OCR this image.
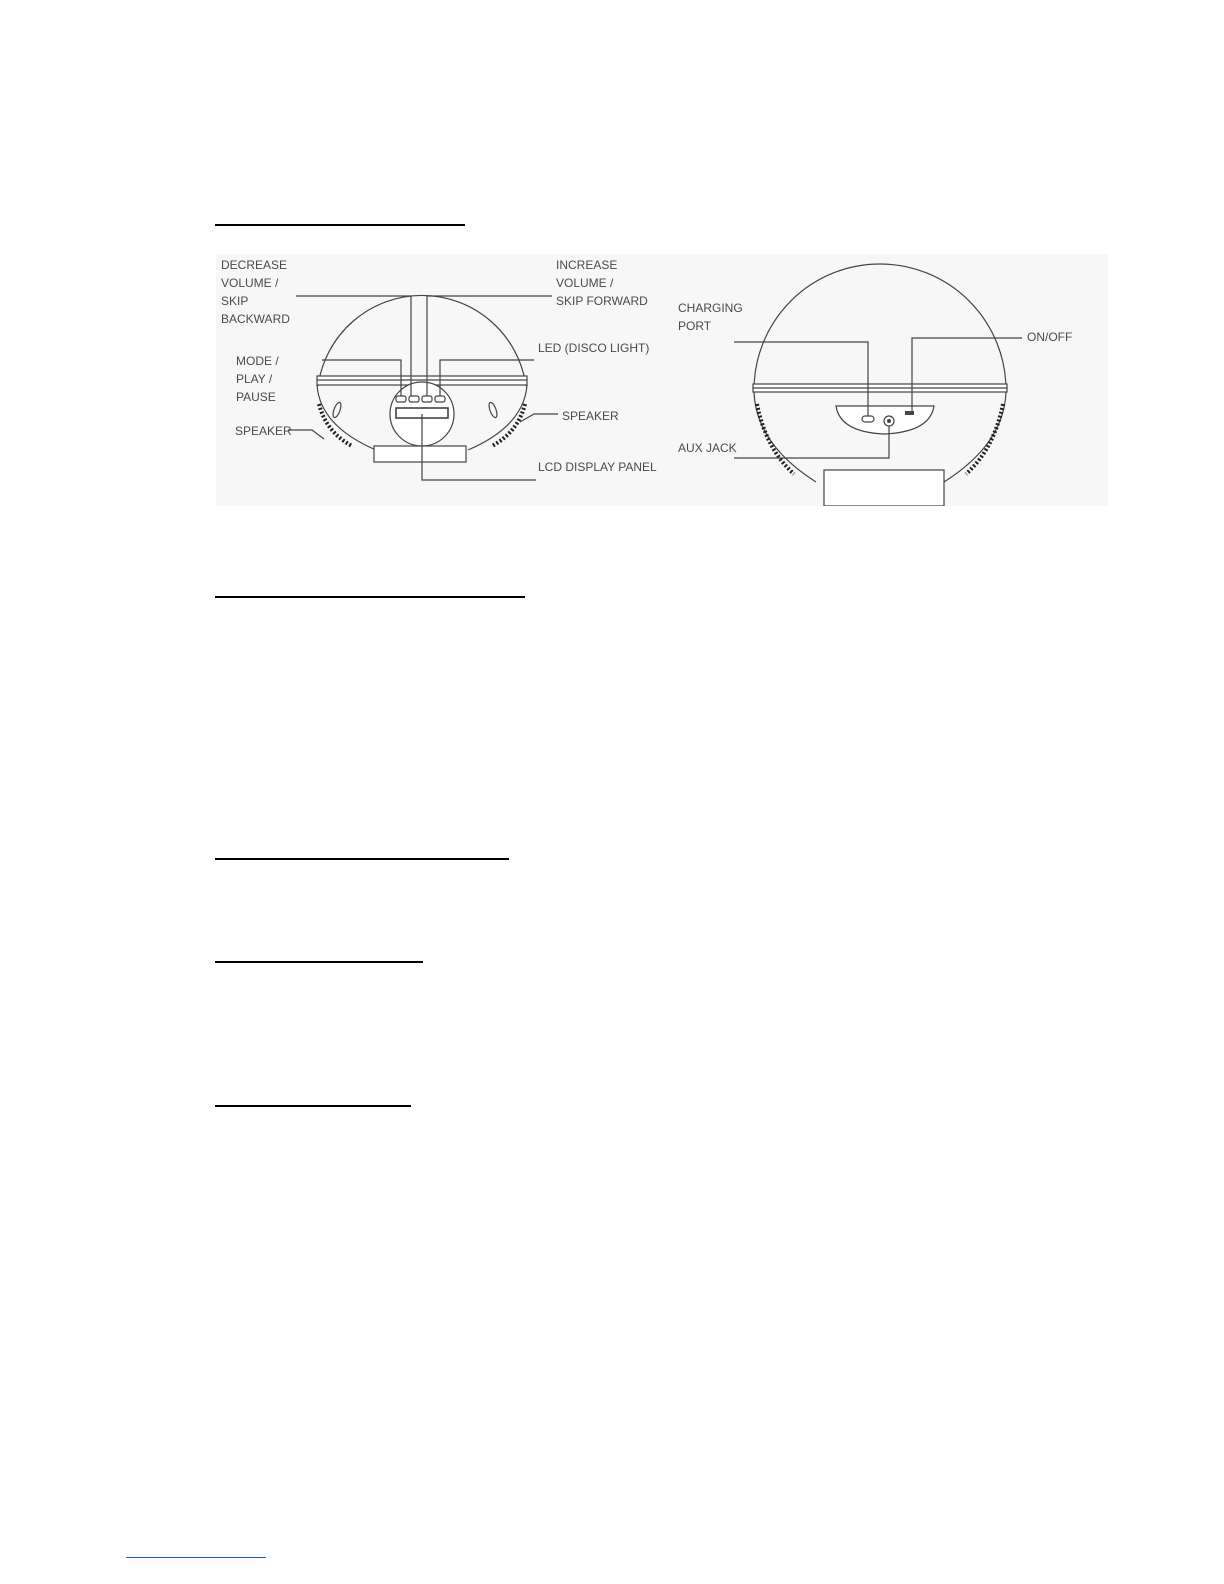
DECREASE VOLUME / SKIP BACKWARD
INCREASE VOLUME / SKIP FORWARD
LED (DISCO LIGHT)
MODE / PLAY / PAUSE
SPEAKER
SPEAKER
LCD DISPLAY PANEL
CHARGING PORT
ON/OFF
AUX JACK
